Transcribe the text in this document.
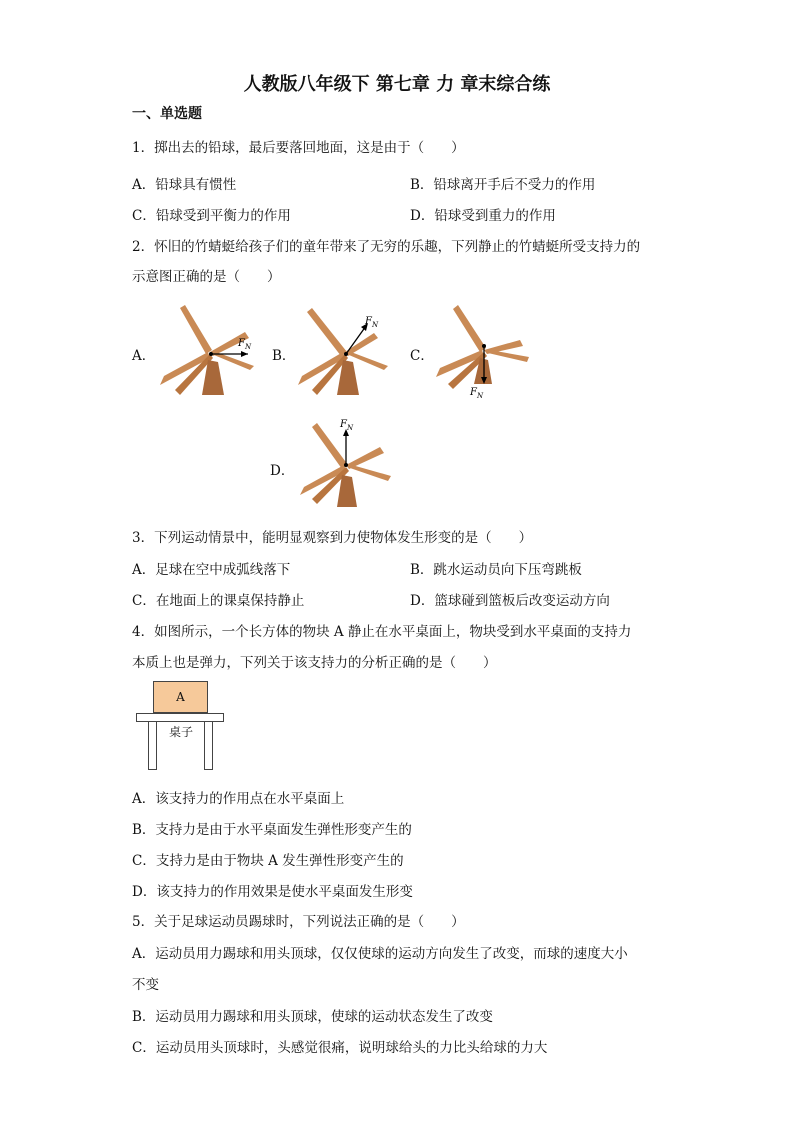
人教版八年级下 第七章 力 章末综合练
一、单选题
1．掷出去的铅球，最后要落回地面，这是由于（　　）
A．铅球具有惯性	B．铅球离开手后不受力的作用
C．铅球受到平衡力的作用	D．铅球受到重力的作用
2．怀旧的竹蜻蜓给孩子们的童年带来了无穷的乐趣，下列静止的竹蜻蜓所受支持力的
示意图正确的是（　　）
A．	B．	C．
D．
$F_N$
$F_N$
$F_N$
$F_N$
3．下列运动情景中，能明显观察到力使物体发生形变的是（　　）
A．足球在空中成弧线落下	B．跳水运动员向下压弯跳板
C．在地面上的课桌保持静止	D．篮球碰到篮板后改变运动方向
4．如图所示，一个长方体的物块 A 静止在水平桌面上，物块受到水平桌面的支持力
本质上也是弹力，下列关于该支持力的分析正确的是（　　）
A
桌子
A．该支持力的作用点在水平桌面上
B．支持力是由于水平桌面发生弹性形变产生的
C．支持力是由于物块 A 发生弹性形变产生的
D．该支持力的作用效果是使水平桌面发生形变
5．关于足球运动员踢球时，下列说法正确的是（　　）
A．运动员用力踢球和用头顶球，仅仅使球的运动方向发生了改变，而球的速度大小
不变
B．运动员用力踢球和用头顶球，使球的运动状态发生了改变
C．运动员用头顶球时，头感觉很痛，说明球给头的力比头给球的力大
